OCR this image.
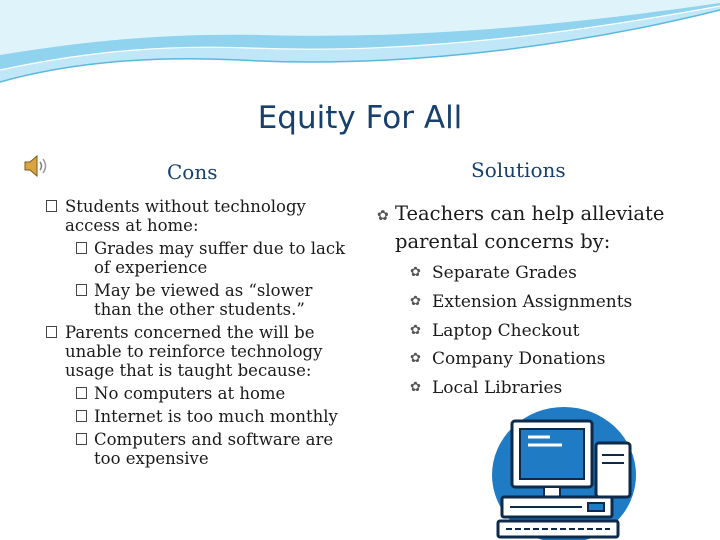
Equity For All
Cons	Solutions
Students without technology access at home:
Grades may suffer due to lack of experience
May be viewed as “slower than the other students.”
Parents concerned the will be unable to reinforce technology usage that is taught because:
No computers at home
Internet is too much monthly
Computers and software are too expensive
✿ Teachers can help alleviate parental concerns by:
✿ Separate Grades
✿ Extension Assignments
✿ Laptop Checkout
✿ Company Donations
✿ Local Libraries
